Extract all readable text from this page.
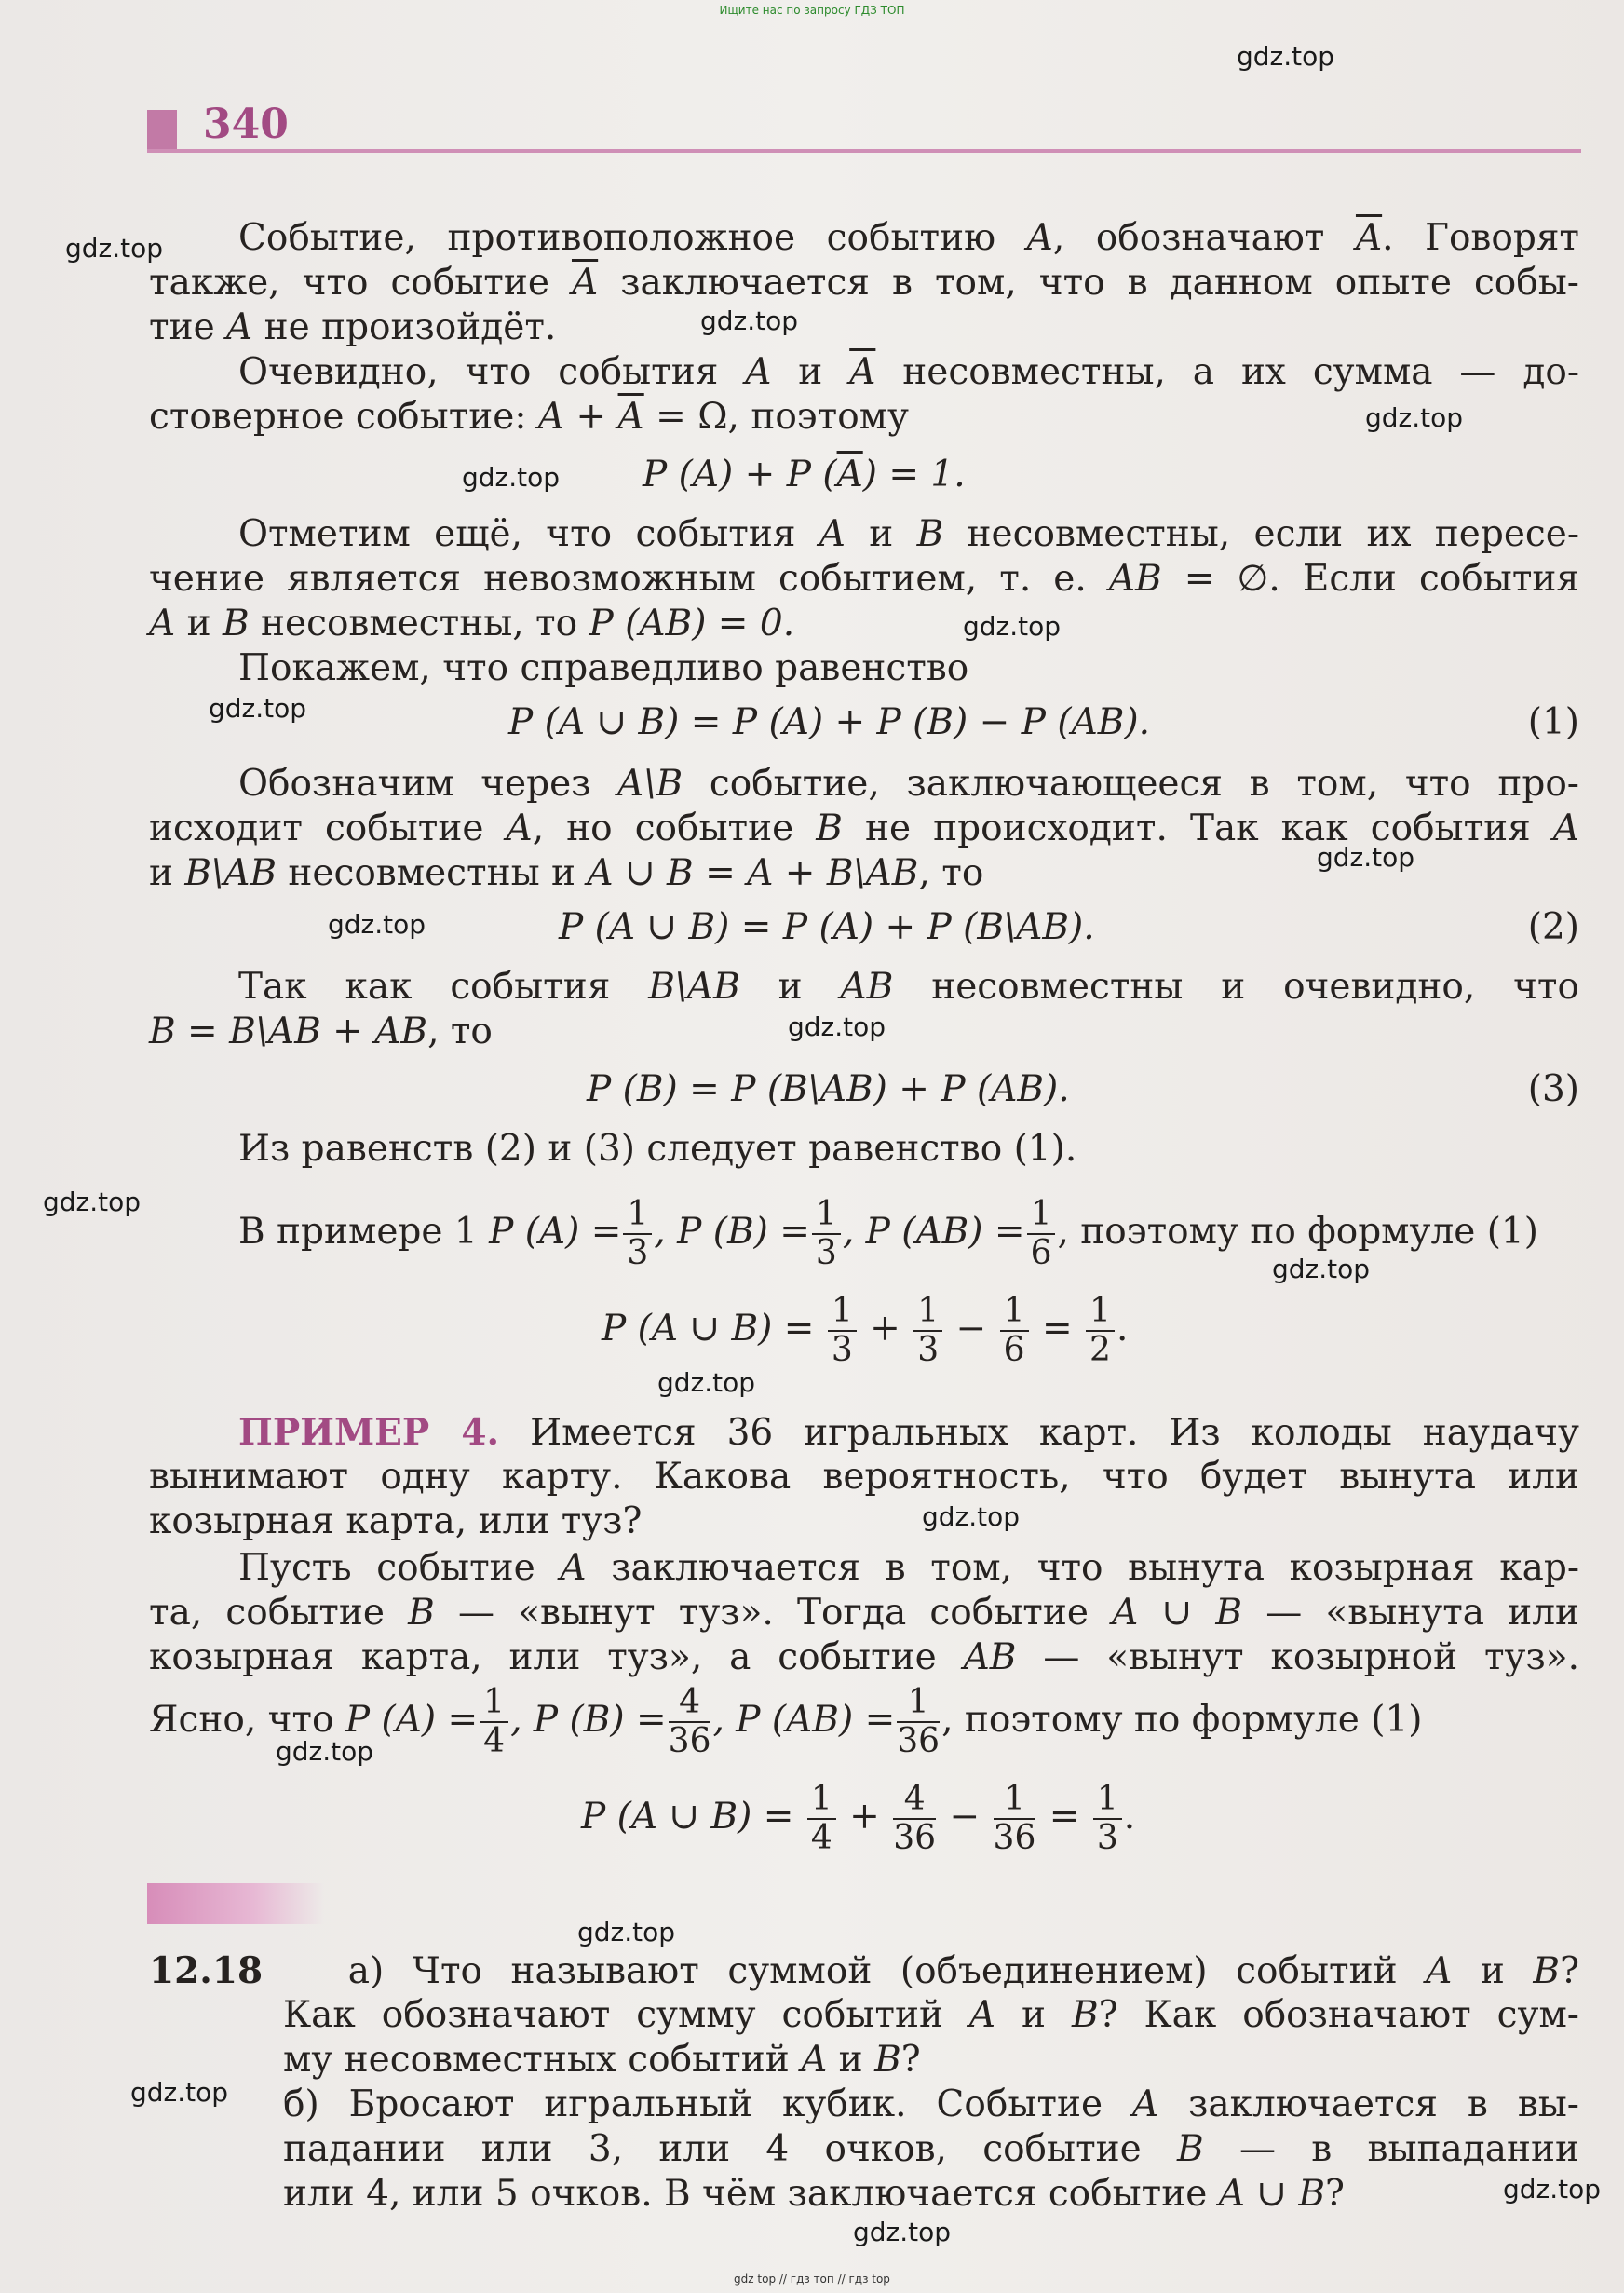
Ищите нас по запросу ГДЗ ТОП
gdz.top
gdz.top
gdz.top
gdz.top
gdz.top
gdz.top
gdz.top
gdz.top
gdz.top
gdz.top
gdz.top
gdz.top
gdz.top
gdz.top
gdz.top
gdz.top
gdz.top
gdz.top
gdz.top
340
Событие, противоположное событию A, обозначают $\overline{A}$. Говорят
также, что событие $\overline{A}$ заключается в том, что в данном опыте собы-
тие A не произойдёт.
Очевидно, что события A и $\overline{A}$ несовместны, а их сумма — до-
стоверное событие: $A + \overline{A} = \Omega$, поэтому
P (A) + P $(\overline{A}) = 1$.
Отметим ещё, что события A и B несовместны, если их пересе-
чение является невозможным событием, т. е. AB = ∅. Если события
A и B несовместны, то P (AB) = 0.
Покажем, что справедливо равенство
P (A ∪ B) = P (A) + P (B) − P (AB).	(1)
Обозначим через A\B событие, заключающееся в том, что про-
исходит событие A, но событие B не происходит. Так как события A
и B\AB несовместны и A ∪ B = A + B\AB, то
P (A ∪ B) = P (A) + P (B\AB).	(2)
Так как события B\AB и AB несовместны и очевидно, что
B = B\AB + AB, то
P (B) = P (B\AB) + P (AB).	(3)
Из равенств (2) и (3) следует равенство (1).
В примере 1 P $(A) = \frac{1}{3}$ , P $(B) = \frac{1}{3}$ , P $(AB) = \frac{1}{6}$ , поэтому по формуле (1)
P (A ∪ $B) = \frac{1}{3} + \frac{1}{3} - \frac{1}{6} = \frac{1}{2}$ .
ПРИМЕР 4. Имеется 36 игральных карт. Из колоды наудачу
вынимают одну карту. Какова вероятность, что будет вынута или
козырная карта, или туз?
Пусть событие A заключается в том, что вынута козырная кар-
та, событие B — «вынут туз». Тогда событие A ∪ B — «вынута или
козырная карта, или туз», а событие AB — «вынут козырной туз».
Ясно, что P $(A) = \frac{1}{4}$ , P $(B) = \frac{4}{36}$ , P $(AB) = \frac{1}{36}$ , поэтому по формуле (1)
P (A ∪ $B) = \frac{1}{4} + \frac{4}{36} - \frac{1}{36} = \frac{1}{3}$ .
12.18 а) Что называют суммой (объединением) событий A и B?
Как обозначают сумму событий A и B? Как обозначают сум-
му несовместных событий A и B?
б) Бросают игральный кубик. Событие A заключается в вы-
падании или 3, или 4 очков, событие B — в выпадании
или 4, или 5 очков. В чём заключается событие A ∪ B?
gdz top // гдз топ // гдз top
